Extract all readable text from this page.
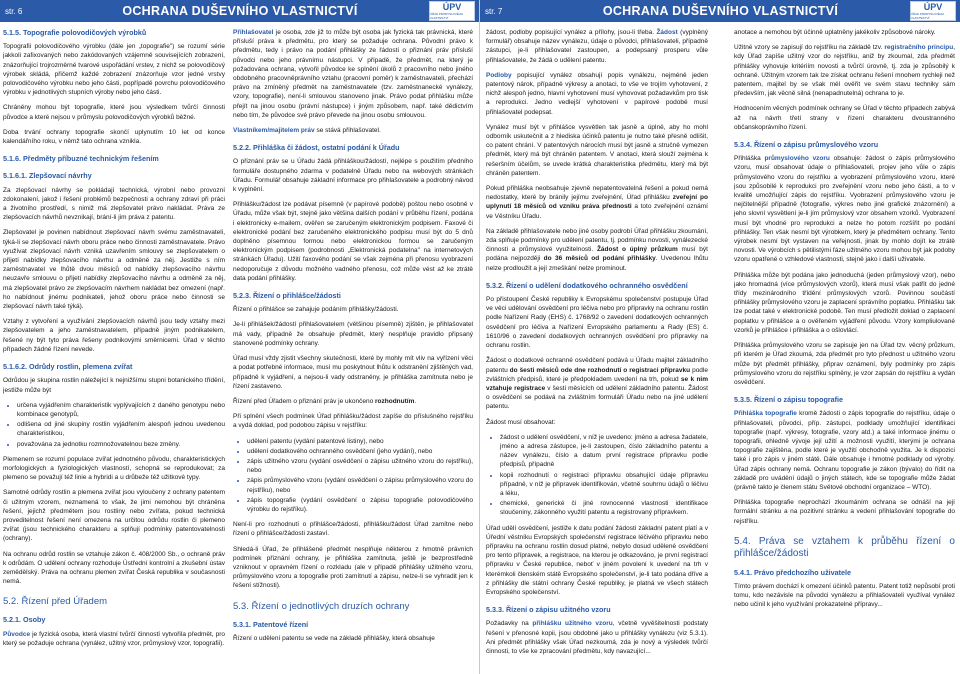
str. 6	OCHRANA DUŠEVNÍHO VLASTNICTVÍ	ÚPV
ÚŘAD PRŮMYSLOVÉHO VLASTNICTVÍ
5.1.5. Topografie polovodičových výrobků

Topografii polovodičového výrobku (dále jen „topografie") se rozumí série jakkoli zafixovaných nebo zakódovaných vzájemně souvisejících zobrazení, znázorňující trojrozměrné tvarové uspořádání vrstev, z nichž se polovodičový výrobek skládá, přičemž každé zobrazení znázorňuje vzor jedné vrstvy polovodičového výrobku nebo jeho části, popřípadě povrchu polovodičového výrobku v jednotlivých stupních výroby nebo jeho části.

Chráněny mohou být topografie, které jsou výsledkem tvůrčí činnosti původce a které nejsou v průmyslu polovodičových výrobků běžné.

Doba trvání ochrany topografie skončí uplynutím 10 let od konce kalendářního roku, v němž tato ochrana vznikla.

5.1.6. Předměty příbuzné technickým řešením
5.1.6.1. Zlepšovací návrhy

Za zlepšovací návrhy se pokládají technická, výrobní nebo provozní zdokonalení, jakož i řešení problémů bezpečnosti a ochrany zdraví při práci a životního prostředí, s nimiž má zlepšovatel právo nakládat. Práva ze zlepšovacích návrhů nevznikají, brání-li jim práva z patentu.

Zlepšovatel je povinen nabídnout zlepšovací návrh svému zaměstnavateli, týká-li se zlepšovací návrh oboru práce nebo činnosti zaměstnavatele. Právo využívat zlepšovací návrh vzniká uzavřením smlouvy se zlepšovatelem o přijetí nabídky zlepšovacího návrhu a odměně za něj. Jestliže s ním zaměstnavatel ve lhůtě dvou měsíců od nabídky zlepšovacího návrhu neuzavře smlouvu o přijetí nabídky zlepšovacího návrhu a odměně za něj, má zlepšovatel právo ze zlepšovacím návrhem nakládat bez omezení (např. ho nabídnout jinému podnikateli, jehož oboru práce nebo činnosti se zlepšovací návrh také týká).

Vztahy z vytvoření a využívání zlepšovacích návrhů jsou tedy vztahy mezi zlepšovatelem a jeho zaměstnavatelem, případně jiným podnikatelem, řešené ny být tyto práva řešeny podnikovými směrnicemi. Úřad v těchto případech žádné řízení nevede.

5.1.6.2. Odrůdy rostlin, plemena zvířat

Odrůdou je skupina rostlin náležející k nejnižšímu stupni botanického třídění, jestliže může být

• určena vyjádřením charakteristik vyplývajících z daného genotypu nebo kombinace genotypů,
• odlišena od jiné skupiny rostlin vyjádřením alespoň jednou uvedenou charakteristikou,
• považována za jednotku rozmnožovatelnou beze změny.

Plemenem se rozumí populace zvířat jednotného původu, charakteristických morfologických a fyziologických vlastností, schopná se reprodukovat; za plemeno se považují též linie a hybridi a u drůbeže též užitkové typy.

Samotné odrůdy rostlin a plemena zvířat jsou vyloučeny z ochrany patentem či užitným vzorem, neznamená to však, že jimi nemohou být chráněna řešení, jejichž předmětem jsou rostliny nebo zvířata, pokud technická proveditelnost řešení není omezena na určitou odrůdu rostlin či plemeno zvířat (jsou technického charakteru a splňují podmínky patentovatelnosti (ochrany).

Na ochranu odrůd rostlin se vztahuje zákon č. 408/2000 Sb., o ochraně práv k odrůdám. O udělení ochrany rozhoduje Ústřední kontrolní a zkušební ústav zemědělský. Práva na ochranu plemen zvířat Česká republika v současnosti nemá.

5.2. Řízení před Úřadem
5.2.1. Osoby

Původce je fyzická osoba, která vlastní tvůrčí činností vytvořila předmět, pro který se požaduje ochrana (vynález, užitný vzor, průmyslový vzor, topografii).

Přihlašovatel je osoba, zde již to může být osoba jak fyzická tak právnická, které přísluší práva k předmětu, pro který se požaduje ochrana. Původní právo k předmětu, tedy i právo na podání přihlášky ze řádosti o přiznání práv přísluší původci nebo jeho právnímu nástupci. V případě, že předmět, na který je požadována ochrana, vytvořil původce ke splnění úkolů z pracovního nebo jiného obdobného pracovněprávního vztahu (pracovní poměr) k zaměstnavateli, přechází právo na zmíněný předmět na zaměstnavatele (tzv. zaměstnanecké vynálezy, vzory, topografie), není-li smlouvou stanoveno jinak. Právo podat přihlášku může přejít na jinou osobu (právní nástupce) i jiným způsobem, např. také dědictvím nebo tím, že původce své právo převede na jinou osobu smlouvou.

Vlastníkem/majitelem práv se stává přihlašovatel.

5.2.2. Přihláška či žádost, ostatní podání k Úřadu

O přiznání práv se u Úřadu žádá přihláškou/žádostí, nejlépe s použitím předního formuláře dostupného zdarma v podatelně Úřadu nebo na webových stránkách Úřadu. Formulář obsahuje základní informace pro přihlašovatele a podrobný návod k vyplnění.

Přihlášku/žádost lze podávat písemně (v papírové podobě) poštou nebo osobně v Úřadu, může však být, stejně jako většina dalších podání v průběhu řízení, podána i elektronicky e-mailem, ověřen se zaručeným elektronickým podpisem. Faxové či elektronické podání bez zaručeného elektronického podpisu musí být do 5 dnů doplněno písemnou formou nebo elektronickou formou se zaručeným elektronickým podpisem (podrobnosti „Elektronická podatelna" na internetových stránkách Úřadu). Užití faxového podání se však zejména při přenosu vyobrazení nedoporučuje z důvodu možného vadného přenosu, což může vést až ke ztrátě data podání přihlášky.

5.2.3. Řízení o přihlášce/žádosti

Řízení o přihlášce se zahajuje podáním přihlášky/žádosti.

Je-li přihlášek/žádostí přihlašovatelem (většinou písemně) zjištěn, je přihlašovatel má vady, případně že obsahuje předmět, který nesplňuje pravidlo připsaný stanovené podmínky ochrany.

Úřad musí vždy zjistit všechny skutečnosti, které by mohly mít vliv na vyřízení věci a podat potřebné informace, musí mu poskytnout lhůtu k odstranění zjištěných vad, případně k vyjádření, a nejsou-li vady odstraněny, je přihláška zamítnuta nebo je řízení zastaveno.

Řízení před Úřadem o přiznání práv je ukončeno rozhodnutím.

Při splnění všech podmínek Úřad přihlášku/žádost zapíše do příslušného rejstříku a vydá doklad, pod podobou zápisu v rejstříku:

• udělení patentu (vydání patentové listiny), nebo
• udělení dodatkového ochranného osvědčení (jeho vydání), nebo
• zápis užitného vzoru (vydání osvědčení o zápisu užitného vzoru do rejstříku), nebo
• zápis průmyslového vzoru (vydání osvědčení o zápisu průmyslového vzoru do rejstříku), nebo
• zápis topografie (vydání osvědčení o zápisu topografie polovodičového výrobku do rejstříku).

Není-li pro rozhodnutí o přihlášce/žádosti, přihlášku/žádost Úřad zamítne nebo řízení o přihlášce/žádosti zastaví.

Shledá-li Úřad, že přihlášené předmět nesplňuje některou z hmotně právních podmínek přiznání ochrany, je přihláška zamítnuta, ještě je bezprostředně vzniknout v opravném řízení o rozkladu (ale v případě přihlášky užitného vzoru, průmyslového vzoru a topografie proti zamítnutí a zápisu, nelze-li se vyhradit jen k řešení stížnosti).

5.3. Řízení o jednotlivých druzích ochrany
5.3.1. Patentové řízení

Řízení o udělení patentu se vede na základě přihlášky, která obsahuje

str. 7	OCHRANA DUŠEVNÍHO VLASTNICTVÍ	ÚPV
ÚŘAD PRŮMYSLOVÉHO VLASTNICTVÍ

žádost, podloby popisující vynález a přílohy, jsou-li třeba. Žádost (vyplněný formulář) obsahuje název vynálezu, údaje o původci, přihlašovateli, případně zástupci, je-li přihlašovatel zastoupen, a podepsaný prosperu vůle přihlašovatele, že žádá o udělení patentu.

Podloby popisující vynález obsahují popis vynálezu, nejméně jeden patentový nárok, případně výkresy a anotaci, to vše ve trojím vyhotovení, z nichž alespoň jedno, hlavní vyhotovení musí vyhovovat požadavkům pro tisk a reprodukci. Jedno vedlejší vyhotovení v papírové podobě musí přihlašovatel podepsat.

Vynález musí být v přihlášce vysvětlen tak jasně a úplně, aby ho mohl odborník uskutečnit a z hlediska účinků patentu je nutno také přesně odlišit, co patent chrání. V patentových nárocích musí být jasně a stručně vymezen předmět, který má být chráněn patentem. V anotaci, která slouží zejména k rešeršním účelům, se uvede krátká charakteristika předmětu, který má být chráněn patentem.

Pokud přihláška neobsahuje zjevně nepatentovatelná řešení a pokud nemá nedostatky, které by bránily jejímu zveřejnění, Úřad přihlášku zveřejní po uplynutí 18 měsíců od vzniku práva přednosti a toto zveřejnění oznámí ve Věstníku Úřadu.

Na základě přihlašovatele nebo jiné osoby podrobí Úřad přihlášku zkoumání, zda splňuje podmínky pro udělení patentu, tj. podmínku novosti, vynálezecké činnosti a průmyslové využitelnosti. Žádost o úplný průzkum musí být podána nejpozději do 36 měsíců od podání přihlášky. Uvedenou lhůtu nelze prodloužit a její zmeškání nelze prominout.

5.3.2. Řízení o udělení dodatkového ochranného osvědčení

Po přistoupení České republiky k Evropskému společenství postupuje Úřad ve věci udělování osvědčení pro léčiva nebo pro přípravky na ochranu rostlin podle Nařízení Rady (EHS) č. 1768/92 o zavedení dodatkových ochranných osvědčení pro léčiva a Nařízení Evropského parlamentu a Rady (ES) č. 1610/96 o zavedení dodatkových ochranných osvědčení pro přípravky na ochranu rostlin.

Žádost o dodatkové ochranné osvědčení podává u Úřadu majitel základního patentu do šesti měsíců ode dne rozhodnutí o registraci přípravku podle zvláštních předpisů, které je předpokladem uvedení na trh, pokud se k nim vztahuje registrace v šesti měsících od udělení základního patentu. Žádost o osvědčení se podává na zvláštním formuláři Úřadu nebo na jiné udělení patentu.

Žádost musí obsahovat:

• žádost o udělení osvědčení, v níž je uvedeno: jméno a adresa žadatele, jméno a adresa zástupce, je-li zastoupen, číslo základního patentu a název vynálezu, číslo a datum první registrace přípravku podle předpisů, případně
• kopii rozhodnutí o registraci přípravku obsahující údaje přípravku případně, v níž je připravek identifikován, včetně souhrnu údajů o léčivu a léku,
• chemické, generické či jiné rovnocenné vlastnosti identifikace sloučeniny, zákonného využití patentu a registrovaný přípravkem.

Úřad udělí osvědčení, jestliže k datu podání žádosti základní patent platí a v Úřední věstníku Evropských společenství registrace léčivého přípravku nebo přípravku na ochranu rostlin dosud platné, nebylo dosud udělené osvědčení pro tento přípravek, a registrace, na kterou je odkazováno, je první registrací přípravku v České republice, neboť v jiném povolení k uvedení na trh v kterémkoli členském státě Evropského společenství, je-li tato podána dříve a z přihlášky dle státní ochrany České republiky, je platná ve všech státech Evropského společenství.

5.3.3. Řízení o zápisu užitného vzoru

Požadavky na přihlášku užitného vzoru, včetně vyvěšitelnosti podstaty řešení v přenosné kopii, jsou obdobné jako u přihlášky vynálezu (viz 5.3.1). Ani předmět přihlášky však Úřad nezkoumá, zda je nový a výsledek tvůrčí činnosti, to vše ke zpracování předmětu, kdy navazující...

anotace a nemohou být účinně uplatněny jakékoliv způsobové nároky.

Užitné vzory se zapisují do rejstříku na základě tzv. registračního principu, kdy Úřad zapíše užitný vzor do rejstříku, aniž by zkoumal, zda předmět přihlášky vyhovuje kritériím novosti a tvůrčí úrovně, tj. zda je způsobilý k ochraně. Užitným vzorem tak lze získat ochranu řešení mnohem rychleji než patentem, majitel by se však měl ověřit ve svém stavu techniky sám především, jak věcně silná (nenapadnutelná) ochrana to je.

Hodnocením věcných podmínek ochrany se Úřad v těchto případech zabývá až na návrh třetí strany v řízení charakteru dvoustranného občanskoprávního řízení.

5.3.4. Řízení o zápisu průmyslového vzoru

Přihláška průmyslového vzoru obsahuje: žádost o zápis průmyslového vzoru, musí obsahovat údaje o přihlašovateli, projev jeho vůle o zápis průmyslového vzoru do rejstříku a vyobrazení průmyslového vzoru, které jsou způsobilé k reprodukci pro zveřejnění vzoru nebo jeho části, a to v kvalitě umožňující zápis do rejstříku. Vyobrazení průmyslového vzoru je nejčitelnější případně (fotografie, výkres nebo jiné grafické znázornění) a jeho slovní vysvětlení je-li jím průmyslový vzor obsahem vzorků. Vyobrazení musí být vhodné pro reprodukci a nelze ho potom rozšířit po podání přihlášky. Ten však nesmí být výrobkem, který je předmětem ochrany. Tento výrobek nesmí být vystaven na veřejnosti, jinak by mohlo dojít ke ztrátě novosti. Ve výrobcích s pětilistými fáze užitného vzoru mohou být jak podoby vzoru opatřené o vzhledové vlastnosti, stejně jako i další uživatele.

Přihláška může být podána jako jednoduchá (jeden průmyslový vzor), nebo jako hromadná (více průmyslových vzorů), která musí však patřit do jedné třídy mezinárodního třídění průmyslových vzorů. Povinnou součástí přihlášky průmyslového vzoru je zaplacení správního poplatku. Přihlášku tak lze podat také v elektronické podobě. Ten musí předložit doklad o zaplacení poplatku v přihlášce a o ověřeném vyjádření původu. Vzory kompliulované vzorků je přihlášce i přihláška a o ošlovlácí.

Přihláška průmyslového vzoru se zapisuje jen na Úřad tzv. věcný průzkum, při kterém je Úřad zkoumá, zda předmět pro tyto přednost u užitného vzoru může být předmět přihlášky, připrav oznámení, byly podmínky pro zápis průmyslového vzoru do rejstříku splněny, je vzor zapsán do rejstříku a vydán osvědčení.

5.3.5. Řízení o zápisu topografie

Přihláška topografie kromě žádosti o zápis topografie do rejstříku, údaje o přihlašovateli, původci, příp. zástupci, podklady umožňující identifikaci topografie (např. výkresy, fotografie, vzory atd.) a také informace jinému o topografii, ohledně vývoje její užití a možnosti využití, kterými je ochrana topografie zajištěna, podle které je využití obchodně využita. Je k dispozici také i pro zápis v jiném státě. Dále obsahuje i hmotné podklady od výroby. Úřad zápis ochrany nemá. Ochranu topografie je zákon (bývalo) do řídit na základě pro uvádění údajů o jiných státech, kde se topografie může žádat (právně takto je členem státu Světové obchodní organizace – WTO).

Přihláška topografie neprochází zkoumáním ochrana se odnáší na její formální stránku a na pozitivní stránku a vedení přihlašování topografie do rejstříku.

5.4. Práva se vztahem k průběhu řízení o přihlášce/žádosti
5.4.1. Právo předchozího uživatele

Tímto právem dochází k omezení účinků patentu. Patent totiž nepůsobí proti tomu, kdo nezávisle na původci vynálezu a přihlašovateli využíval vynález nebo učinil k jeho využívání prokazatelné přípravy...
